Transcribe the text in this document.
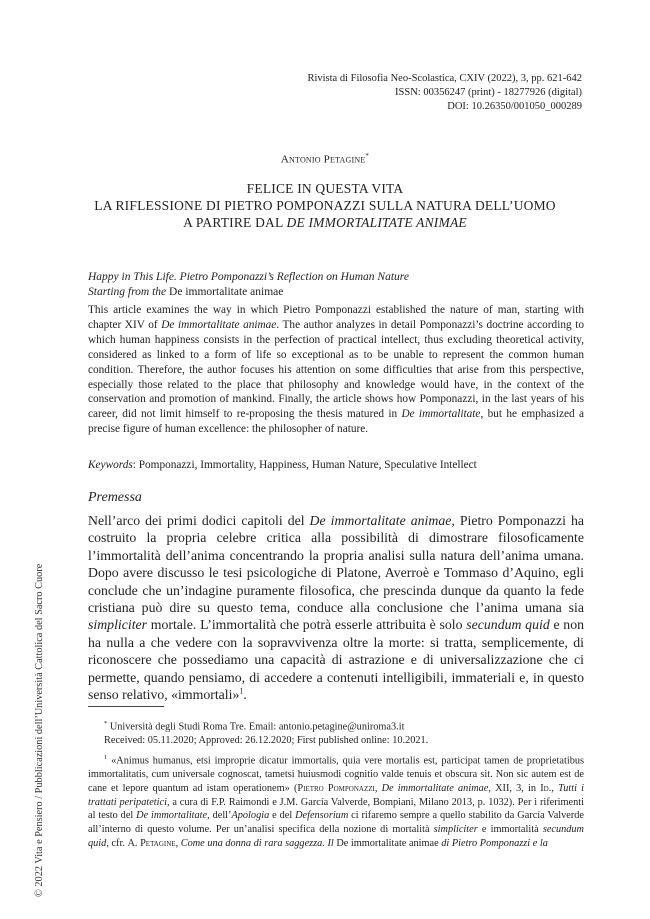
Rivista di Filosofia Neo-Scolastica, CXIV (2022), 3, pp. 621-642
ISSN: 00356247 (print) - 18277926 (digital)
DOI: 10.26350/001050_000289
Antonio Petagine*
FELICE IN QUESTA VITA
LA RIFLESSIONE DI PIETRO POMPONAZZI SULLA NATURA DELL’UOMO
A PARTIRE DAL DE IMMORTALITATE ANIMAE
Happy in This Life. Pietro Pomponazzi’s Reflection on Human Nature
Starting from the De immortalitate animae
This article examines the way in which Pietro Pomponazzi established the nature of man, starting with chapter XIV of De immortalitate animae. The author analyzes in detail Pomponazzi’s doctrine according to which human happiness consists in the perfection of practical intellect, thus excluding theoretical activity, considered as linked to a form of life so exceptional as to be unable to represent the common human condition. Therefore, the author focuses his attention on some difficulties that arise from this perspective, especially those related to the place that philosophy and knowledge would have, in the context of the conservation and promotion of mankind. Finally, the article shows how Pomponazzi, in the last years of his career, did not limit himself to re-proposing the thesis matured in De immortalitate, but he emphasized a precise figure of human excellence: the philosopher of nature.
Keywords: Pomponazzi, Immortality, Happiness, Human Nature, Speculative Intellect
Premessa
Nell’arco dei primi dodici capitoli del De immortalitate animae, Pietro Pomponazzi ha costruito la propria celebre critica alla possibilità di dimostrare filosoficamente l’immortalità dell’anima concentrando la propria analisi sulla natura dell’anima umana. Dopo avere discusso le tesi psicologiche di Platone, Averroè e Tommaso d’Aquino, egli conclude che un’indagine puramente filosofica, che prescinda dunque da quanto la fede cristiana può dire su questo tema, conduce alla conclusione che l’anima umana sia simpliciter mortale. L’immortalità che potrà esserle attribuita è solo secundum quid e non ha nulla a che vedere con la sopravvivenza oltre la morte: si tratta, semplicemente, di riconoscere che possediamo una capacità di astrazione e di universalizzazione che ci permette, quando pensiamo, di accedere a contenuti intelligibili, immateriali e, in questo senso relativo, «immortali»$^1$.

* Università degli Studi Roma Tre. Email: antonio.petagine@uniroma3.it

Received: 05.11.2020; Approved: 26.12.2020; First published online: 10.2021.

$^1$ «Animus humanus, etsi improprie dicatur immortalis, quia vere mortalis est, participat tamen de proprietatibus immortalitatis, cum universale cognoscat, tametsi huiusmodi cognitio valde tenuis et obscura sit. Non sic autem est de cane et lepore quantum ad istam operationem» (Pietro Pomponazzi, De immortalitate animae, XII, 3, in Id., Tutti i trattati peripatetici, a cura di F.P. Raimondi e J.M. García Valverde, Bompiani, Milano 2013, p. 1032). Per i riferimenti al testo del De immortalitate, dell’Apologia e del Defensorium ci rifaremo sempre a quello stabilito da García Valverde all’interno di questo volume. Per un’analisi specifica della nozione di mortalità simpliciter e immortalità secundum quid, cfr. A. Petagine, Come una donna di rara saggezza. Il De immortalitate animae di Pietro Pomponazzi e la
© 2022 Vita e Pensiero / Pubblicazioni dell’Università Cattolica del Sacro Cuore
